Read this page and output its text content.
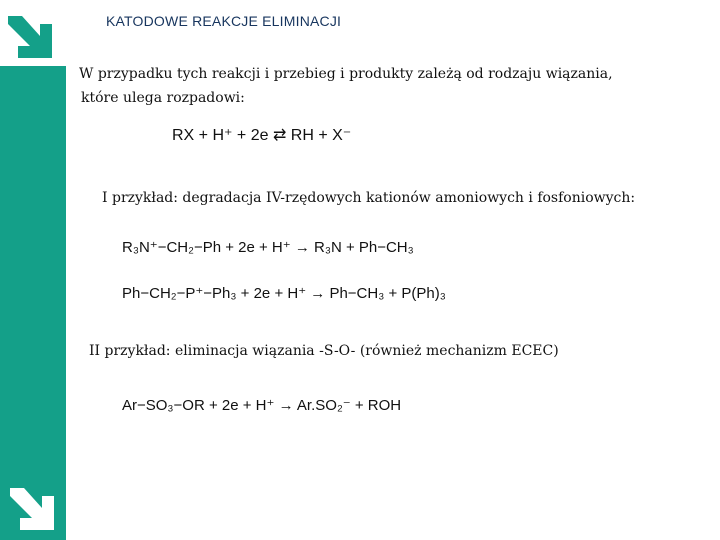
KATODOWE REAKCJE ELIMINACJI
W przypadku tych reakcji i przebieg i produkty zależą od rodzaju wiązania,
które ulega rozpadowi:
RX + H⁺ + 2e ⇄ RH + X⁻
I przykład: degradacja IV-rzędowych kationów amoniowych i fosfoniowych:
R₃N⁺−CH₂−Ph + 2e + H⁺ → R₃N + Ph−CH₃
Ph−CH₂−P⁺−Ph₃ + 2e + H⁺ → Ph−CH₃ + P(Ph)₃
II przykład: eliminacja wiązania -S-O- (również mechanizm ECEC)
Ar−SO₃−OR + 2e + H⁺ → Ar.SO₂⁻ + ROH
